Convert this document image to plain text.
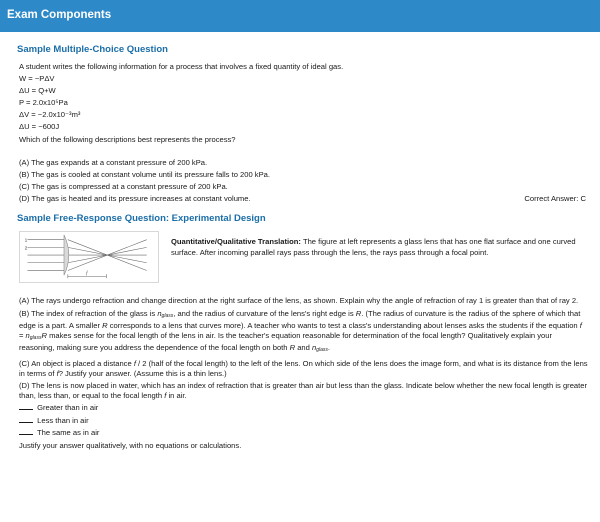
Exam Components
Sample Multiple-Choice Question
A student writes the following information for a process that involves a fixed quantity of ideal gas.
W = −PΔV
ΔU = Q+W
P = 2.0x10⁵Pa
ΔV = −2.0x10⁻³m³
ΔU = −600J
Which of the following descriptions best represents the process?
(A) The gas expands at a constant pressure of 200 kPa.
(B) The gas is cooled at constant volume until its pressure falls to 200 kPa.
(C) The gas is compressed at a constant pressure of 200 kPa.
(D) The gas is heated and its pressure increases at constant volume.	Correct Answer: C
Sample Free-Response Question: Experimental Design
1
2
f
Quantitative/Qualitative Translation: The figure at left represents a glass lens that has one flat surface and one curved surface. After incoming parallel rays pass through the lens, the rays pass through a focal point.

(A) The rays undergo refraction and change direction at the right surface of the lens, as shown. Explain why the angle of refraction of ray 1 is greater than that of ray 2.

(B) The index of refraction of the glass is $n_{glass}$, and the radius of curvature of the lens's right edge is R. (The radius of curvature is the radius of the sphere of which that edge is a part. A smaller R corresponds to a lens that curves more). A teacher who wants to test a class's understanding about lenses asks the students if the equation $f = n_{glass}R$ makes sense for the focal length of the lens in air. Is the teacher's equation reasonable for determination of the focal length? Qualitatively explain your reasoning, making sure you address the dependence of the focal length on both R and $n_{glass}$.

(C) An object is placed a distance f / 2 (half of the focal length) to the left of the lens. On which side of the lens does the image form, and what is its distance from the lens in terms of f? Justify your answer. (Assume this is a thin lens.)

(D) The lens is now placed in water, which has an index of refraction that is greater than air but less than the glass. Indicate below whether the new focal length is greater than, less than, or equal to the focal length f in air.

Greater than in air
Less than in air
The same as in air
Justify your answer qualitatively, with no equations or calculations.
